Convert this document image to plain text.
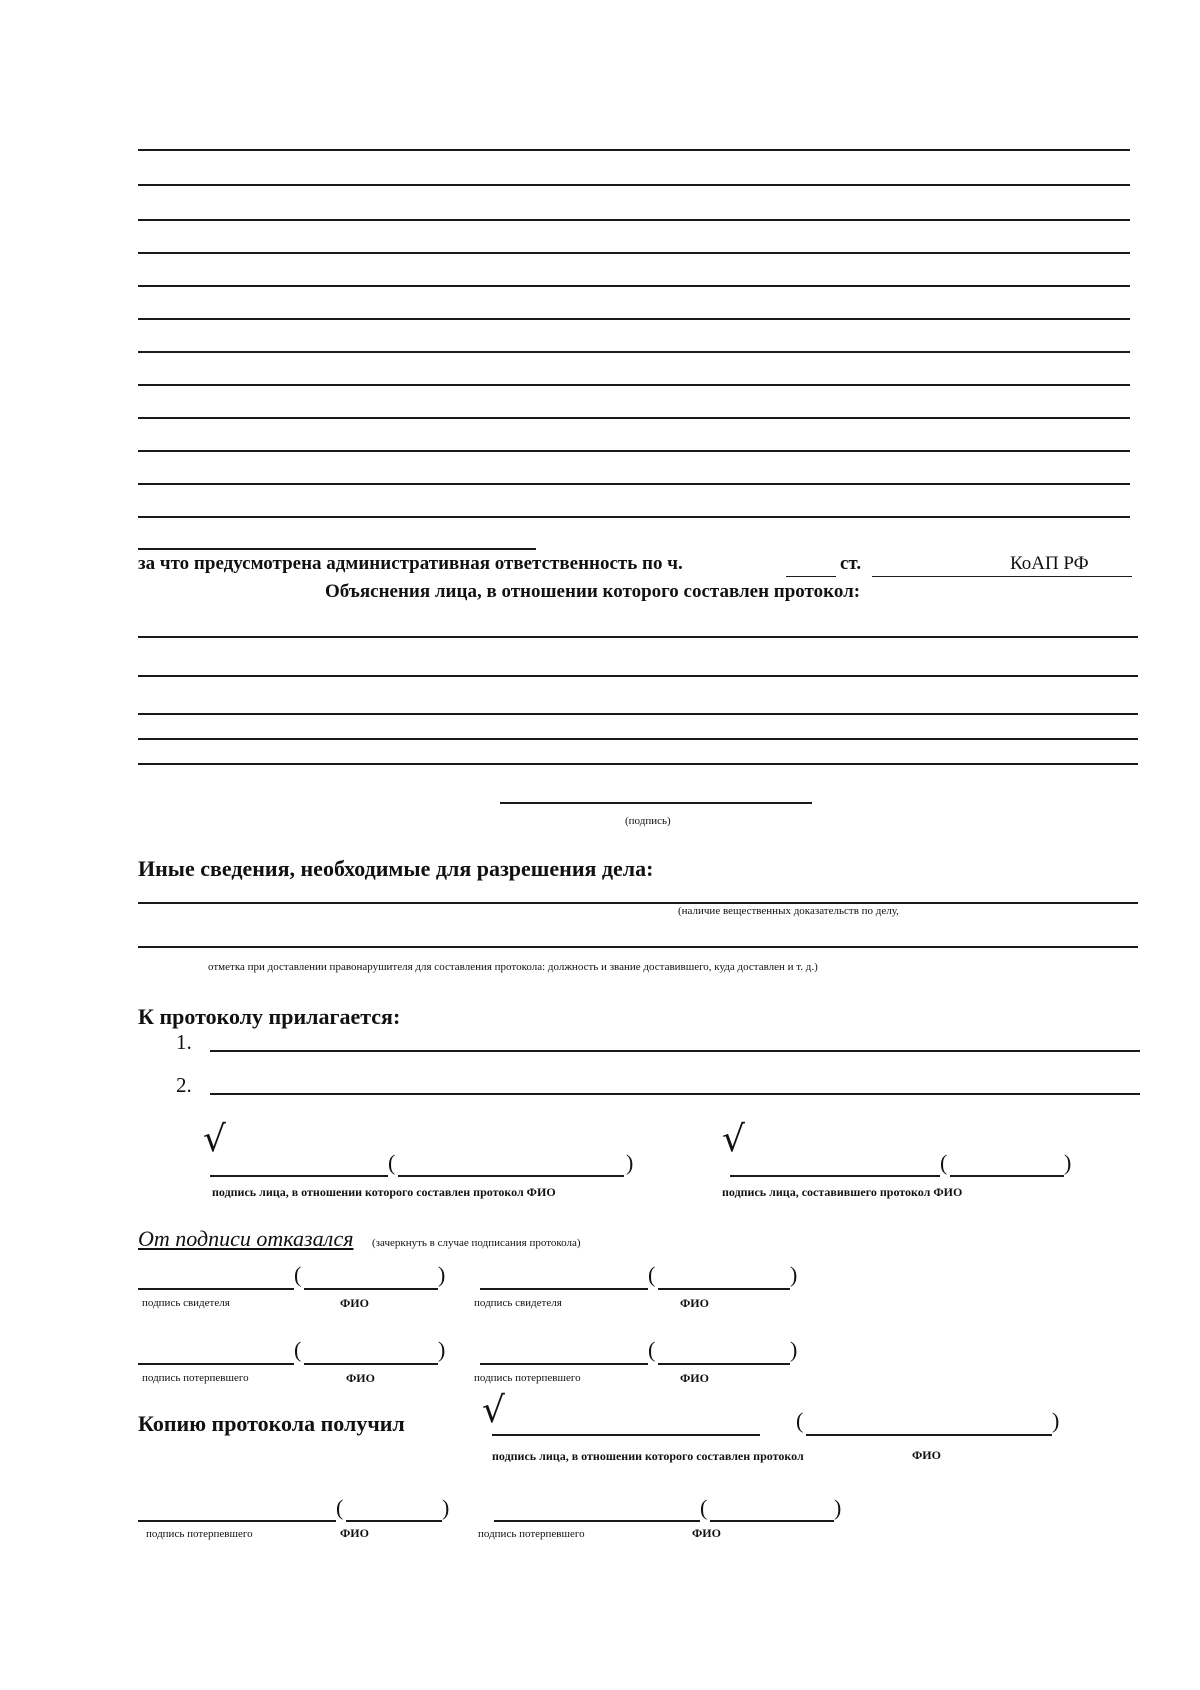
за что предусмотрена административная ответственность по ч.	ст.	КоАП РФ
Объяснения лица, в отношении которого составлен протокол:
(подпись)
Иные сведения, необходимые для разрешения дела:
(наличие вещественных доказательств по делу,
отметка при доставлении правонарушителя для составления протокола: должность и звание доставившего, куда доставлен и т. д.)
К протоколу прилагается:
1.
2.
√
(	)
подпись лица, в отношении которого составлен протокол ФИО
√
(	)
подпись лица, составившего протокол ФИО
От подписи отказался (зачеркнуть в случае подписания протокола)
(	)
подпись свидетеля	ФИО
(	)
подпись свидетеля	ФИО
(	)
подпись потерпевшего	ФИО
(	)
подпись потерпевшего	ФИО
Копию протокола получил √	(	)
подпись лица, в отношении которого составлен протокол	ФИО
(	)
подпись потерпевшего	ФИО
(	)
подпись потерпевшего	ФИО
